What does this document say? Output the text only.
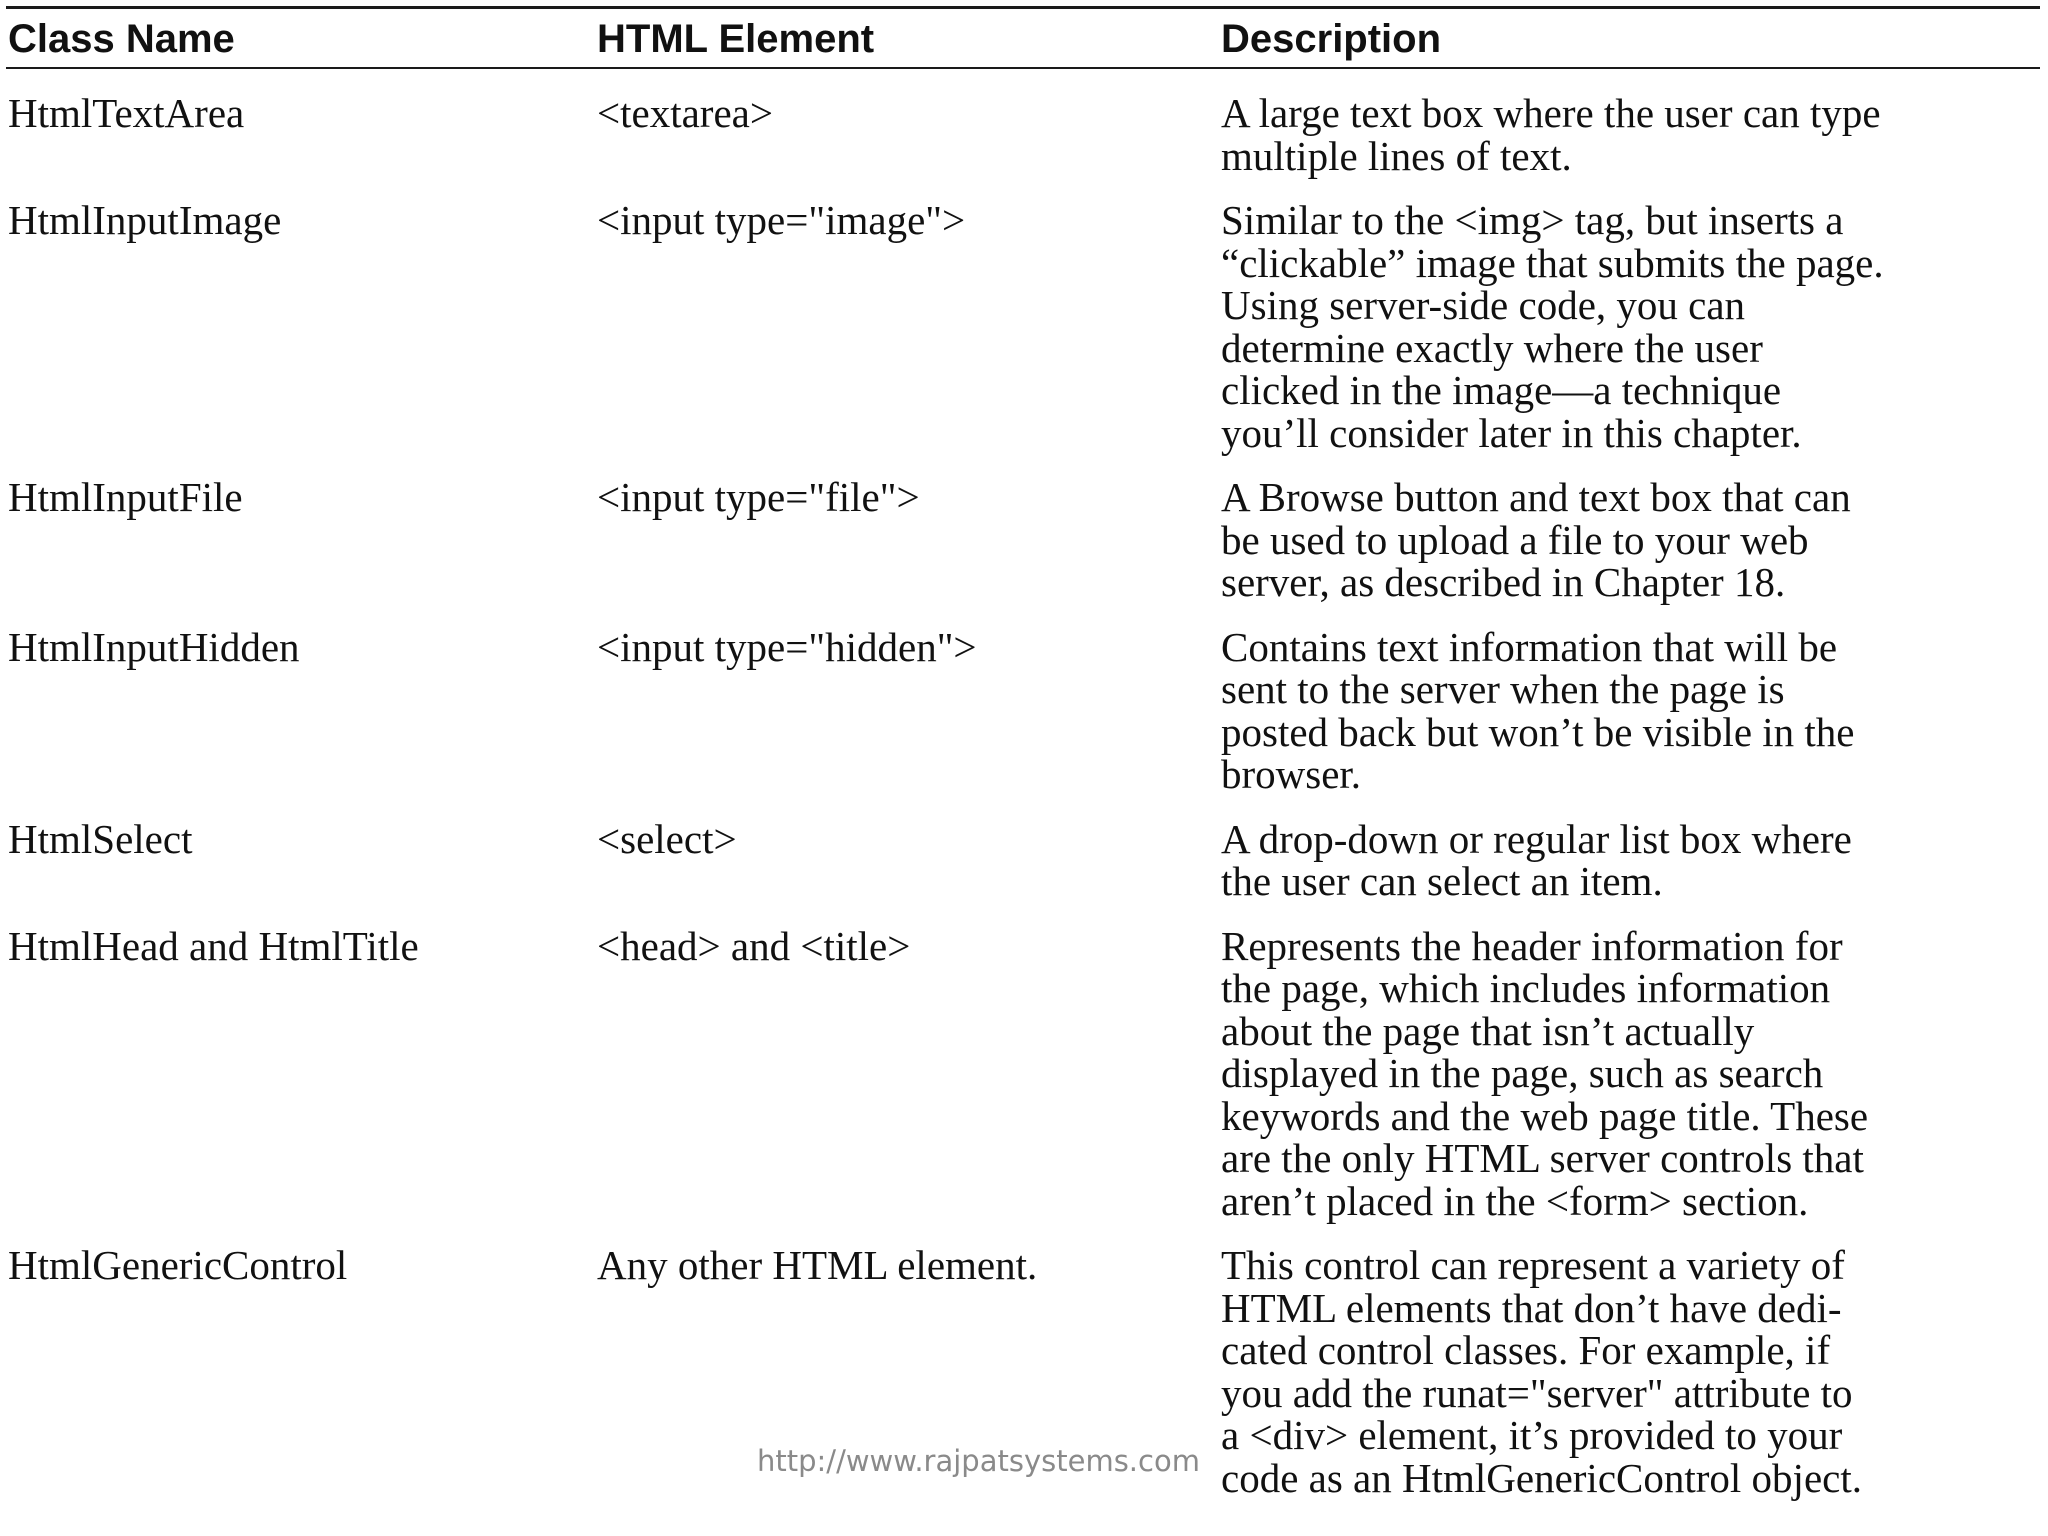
Class Name	HTML Element	Description
HtmlTextArea	<textarea>	A large text box where the user can type
multiple lines of text.
HtmlInputImage	<input type="image">	Similar to the <img> tag, but inserts a
“clickable” image that submits the page.
Using server-side code, you can
determine exactly where the user
clicked in the image—a technique
you’ll consider later in this chapter.
HtmlInputFile	<input type="file">	A Browse button and text box that can
be used to upload a file to your web
server, as described in Chapter 18.
HtmlInputHidden	<input type="hidden">	Contains text information that will be
sent to the server when the page is
posted back but won’t be visible in the
browser.
HtmlSelect	<select>	A drop-down or regular list box where
the user can select an item.
HtmlHead and HtmlTitle	<head> and <title>	Represents the header information for
the page, which includes information
about the page that isn’t actually
displayed in the page, such as search
keywords and the web page title. These
are the only HTML server controls that
aren’t placed in the <form> section.
HtmlGenericControl	Any other HTML element.	This control can represent a variety of
HTML elements that don’t have dedi-
cated control classes. For example, if
you add the runat="server" attribute to
a <div> element, it’s provided to your
code as an HtmlGenericControl object.
http://www.rajpatsystems.com
